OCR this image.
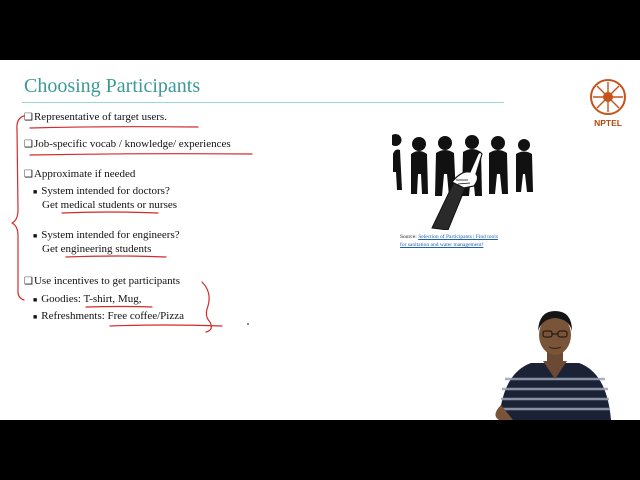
Choosing Participants
NPTEL
❑Representative of target users.
❑Job-specific vocab / knowledge/ experiences
❑Approximate if needed
■ System intended for doctors?
Get medical students or nurses
■ System intended for engineers?
Get engineering students
❑Use incentives to get participants
■ Goodies: T-shirt, Mug,
■ Refreshments: Free coffee/Pizza
Source: Selection of Participants | Find tools
for sanitation and water management!
